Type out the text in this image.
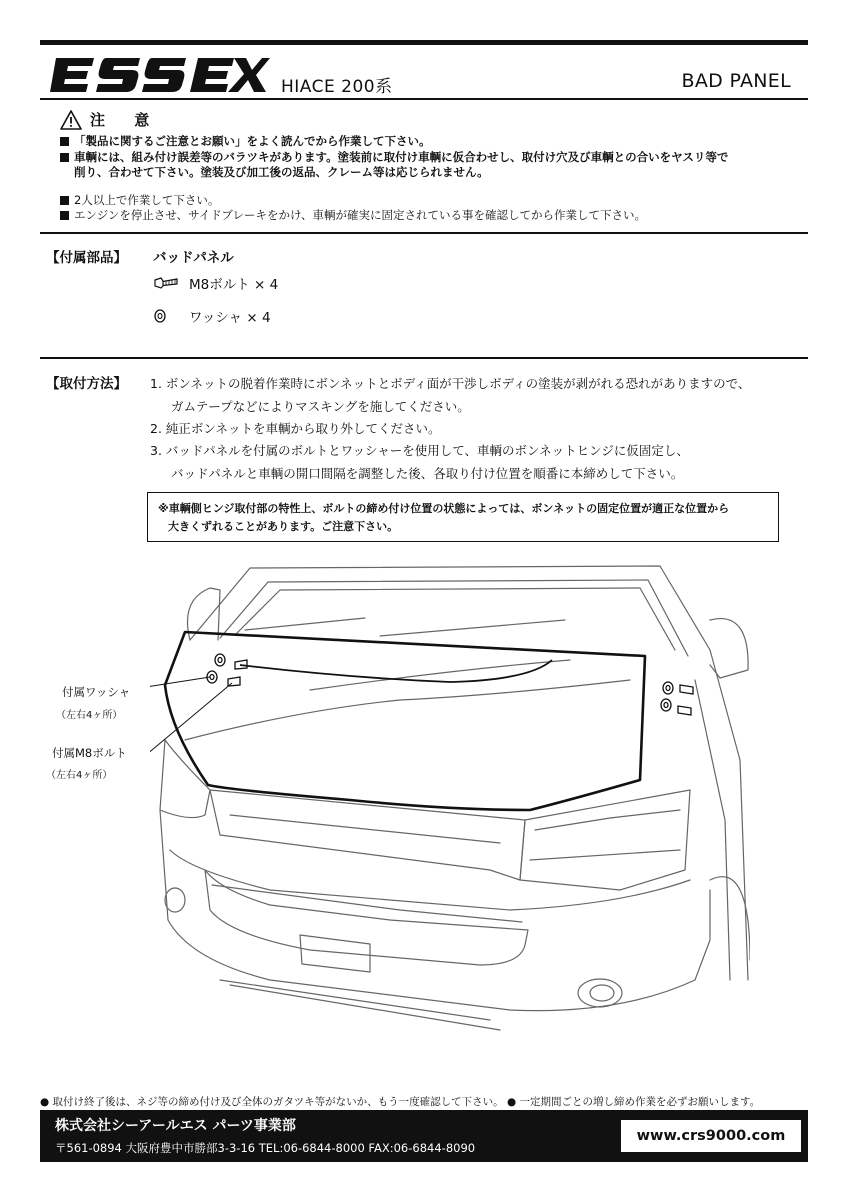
HIACE 200系	BAD PANEL
注 意
「製品に関するご注意とお願い」をよく読んでから作業して下さい。
車輌には、組み付け誤差等のバラツキがあります。塗装前に取付け車輌に仮合わせし、取付け穴及び車輌との合いをヤスリ等で
削り、合わせて下さい。塗装及び加工後の返品、クレーム等は応じられません。
2人以上で作業して下さい。
エンジンを停止させ、サイドブレーキをかけ、車輌が確実に固定されている事を確認してから作業して下さい。
【付属部品】 バッドパネル
M8ボルト × 4
ワッシャ × 4
【取付方法】 1. ボンネットの脱着作業時にボンネットとボディ面が干渉しボディの塗装が剥がれる恐れがありますので、
ガムテープなどによりマスキングを施してください。
2. 純正ボンネットを車輌から取り外してください。
3. バッドパネルを付属のボルトとワッシャーを使用して、車輌のボンネットヒンジに仮固定し、
バッドパネルと車輌の開口間隔を調整した後、各取り付け位置を順番に本締めして下さい。
※車輌側ヒンジ取付部の特性上、ボルトの締め付け位置の状態によっては、ボンネットの固定位置が適正な位置から
大きくずれることがあります。ご注意下さい。
付属ワッシャ
（左右4ヶ所）
付属M8ボルト
（左右4ヶ所）
● 取付け終了後は、ネジ等の締め付け及び全体のガタツキ等がないか、もう一度確認して下さい。 ● 一定期間ごとの増し締め作業を必ずお願いします。
株式会社シーアールエス パーツ事業部
〒561-0894 大阪府豊中市勝部3-3-16 TEL:06-6844-8000 FAX:06-6844-8090
www.crs9000.com
